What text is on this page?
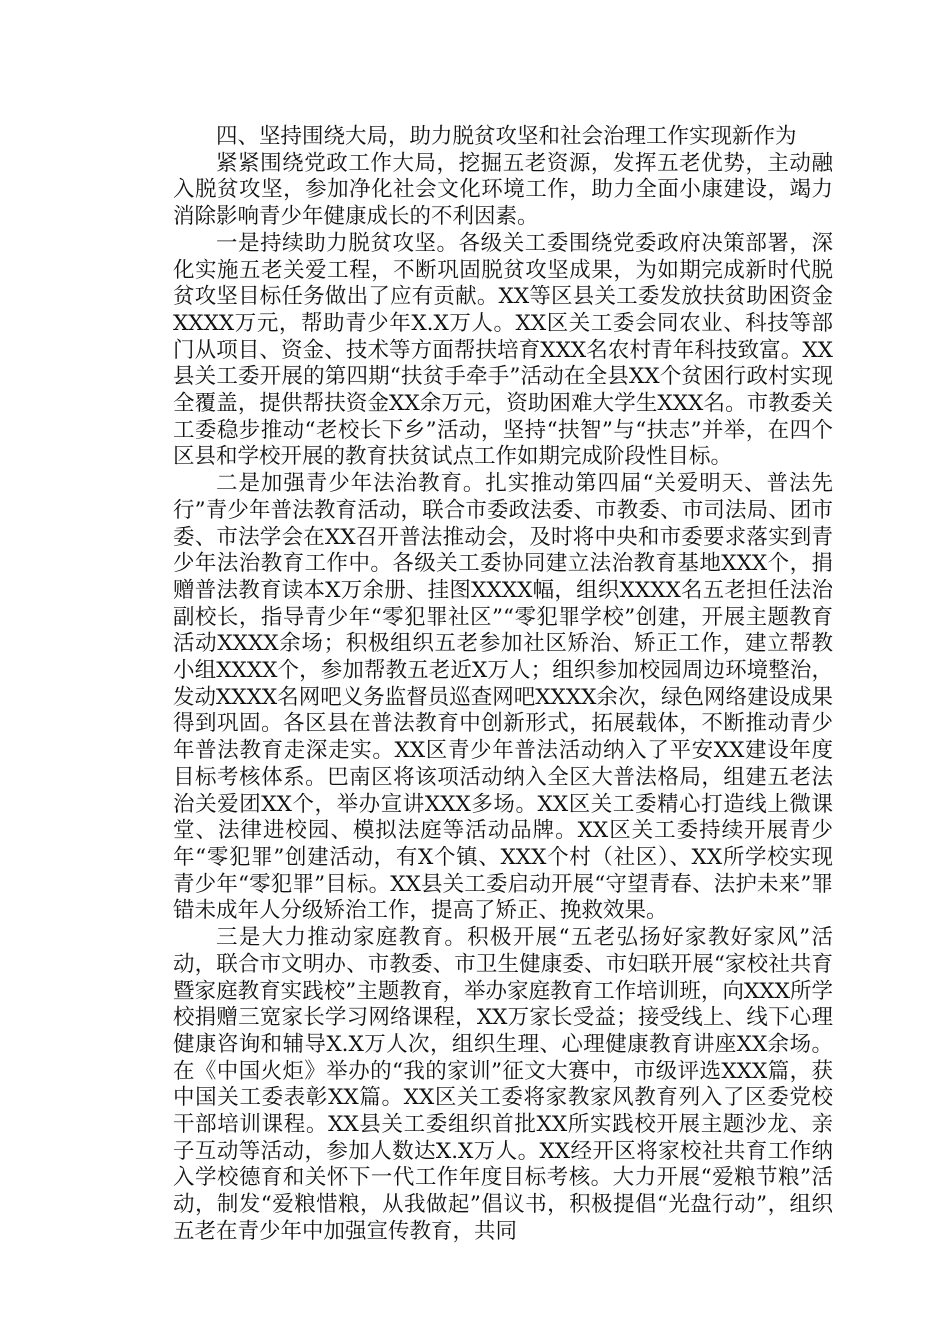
四、坚持围绕大局，助力脱贫攻坚和社会治理工作实现新作为

紧紧围绕党政工作大局，挖掘五老资源，发挥五老优势，主动融入脱贫攻坚，参加净化社会文化环境工作，助力全面小康建设，竭力消除影响青少年健康成长的不利因素。

一是持续助力脱贫攻坚。各级关工委围绕党委政府决策部署，深化实施五老关爱工程，不断巩固脱贫攻坚成果，为如期完成新时代脱贫攻坚目标任务做出了应有贡献。XX等区县关工委发放扶贫助困资金XXXX万元，帮助青少年X.X万人。XX区关工委会同农业、科技等部门从项目、资金、技术等方面帮扶培育XXX名农村青年科技致富。XX县关工委开展的第四期“扶贫手牵手”活动在全县XX个贫困行政村实现全覆盖，提供帮扶资金XX余万元，资助困难大学生XXX名。市教委关工委稳步推动“老校长下乡”活动，坚持“扶智”与“扶志”并举，在四个区县和学校开展的教育扶贫试点工作如期完成阶段性目标。

二是加强青少年法治教育。扎实推动第四届“关爱明天、普法先行”青少年普法教育活动，联合市委政法委、市教委、市司法局、团市委、市法学会在XX召开普法推动会，及时将中央和市委要求落实到青少年法治教育工作中。各级关工委协同建立法治教育基地XXX个，捐赠普法教育读本X万余册、挂图XXXX幅，组织XXXX名五老担任法治副校长，指导青少年“零犯罪社区”“零犯罪学校”创建，开展主题教育活动XXXX余场；积极组织五老参加社区矫治、矫正工作，建立帮教小组XXXX个，参加帮教五老近X万人；组织参加校园周边环境整治，发动XXXX名网吧义务监督员巡查网吧XXXX余次，绿色网络建设成果得到巩固。各区县在普法教育中创新形式，拓展载体，不断推动青少年普法教育走深走实。XX区青少年普法活动纳入了平安XX建设年度目标考核体系。巴南区将该项活动纳入全区大普法格局，组建五老法治关爱团XX个，举办宣讲XXX多场。XX区关工委精心打造线上微课堂、法律进校园、模拟法庭等活动品牌。XX区关工委持续开展青少年“零犯罪”创建活动，有X个镇、XXX个村（社区）、XX所学校实现青少年“零犯罪”目标。XX县关工委启动开展“守望青春、法护未来”罪错未成年人分级矫治工作，提高了矫正、挽救效果。

三是大力推动家庭教育。积极开展“五老弘扬好家教好家风”活动，联合市文明办、市教委、市卫生健康委、市妇联开展“家校社共育暨家庭教育实践校”主题教育，举办家庭教育工作培训班，向XXX所学校捐赠三宽家长学习网络课程，XX万家长受益；接受线上、线下心理健康咨询和辅导X.X万人次，组织生理、心理健康教育讲座XX余场。在《中国火炬》举办的“我的家训”征文大赛中，市级评选XXX篇，获中国关工委表彰XX篇。XX区关工委将家教家风教育列入了区委党校干部培训课程。XX县关工委组织首批XX所实践校开展主题沙龙、亲子互动等活动，参加人数达X.X万人。XX经开区将家校社共育工作纳入学校德育和关怀下一代工作年度目标考核。大力开展“爱粮节粮”活动，制发“爱粮惜粮，从我做起”倡议书，积极提倡“光盘行动”，组织五老在青少年中加强宣传教育，共同
